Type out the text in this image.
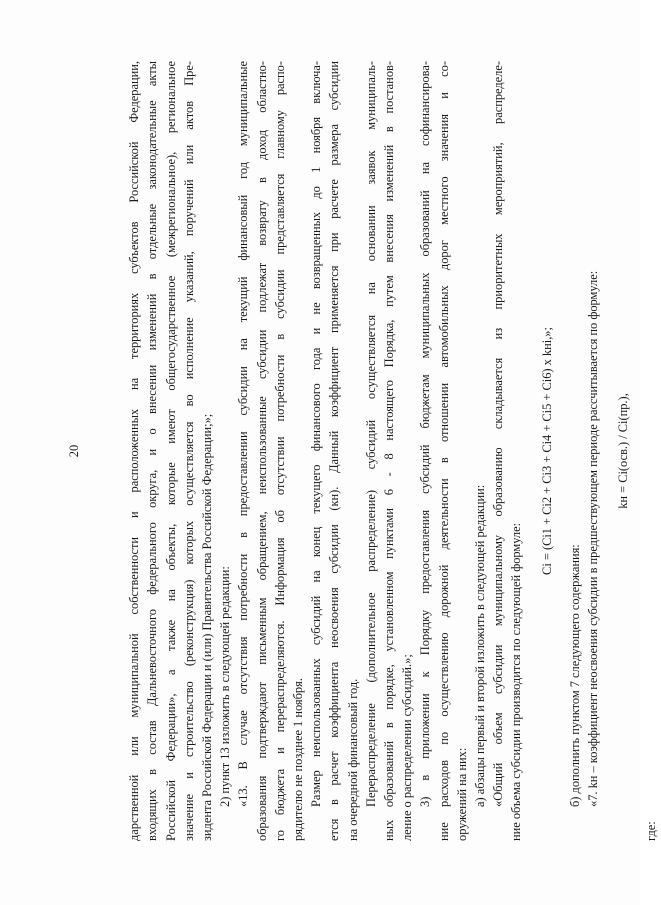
20	дарственной или муниципальной собственности и расположенных на территориях субъектов Российской Федерации, входящих в состав Дальневосточного федерального округа, и о внесении изменений в отдельные законодательные акты Российской Федерации», а также на объекты, которые имеют общегосударственное (межрегиональное), региональное значение и строительство (реконструкция) которых осуществляется во исполнение указаний, поручений или актов Пре- зидента Российской Федерации и (или) Правительства Российской Федерации;»; 2) пункт 13 изложить в следующей редакции: «13. В случае отсутствия потребности в предоставлении субсидии на текущий финансовый год муниципальные образования подтверждают письменным обращением, неиспользованные субсидии подлежат возврату в доход областно- го бюджета и перераспределяются. Информация об отсутствии потребности в субсидии представляется главному распо- рядителю не позднее 1 ноября. Размер неиспользованных субсидий на конец текущего финансового года и не возвращенных до 1 ноября включа- ется в расчет коэффициента неосвоения субсидии (кн). Данный коэффициент применяется при расчете размера субсидии на очередной финансовый год. Перераспределение (дополнительное распределение) субсидий осуществляется на основании заявок муниципаль- ных образований в порядке, установленном пунктами 6 - 8 настоящего Порядка, путем внесения изменений в постанов- ление о распределении субсидий.»; 3) в приложении к Порядку предоставления субсидий бюджетам муниципальных образований на софинансирова- ние расходов по осуществлению дорожной деятельности в отношении автомобильных дорог местного значения и со- оружений на них: а) абзацы первый и второй изложить в следующей редакции: «Общий объем субсидии муниципальному образованию складывается из приоритетных мероприятий, распределе- ние объема субсидии производится по следующей формуле:
Ci = (Ci1 + Ci2 + Ci3 + Ci4 + Ci5 + Ci6) х kнi,»;
б) дополнить пунктом 7 следующего содержания: «7. kн – коэффициент неосвоения субсидии в предшествующем периоде рассчитывается по формуле: kн = Ci(осв.) / Ci(пр.),
где:
